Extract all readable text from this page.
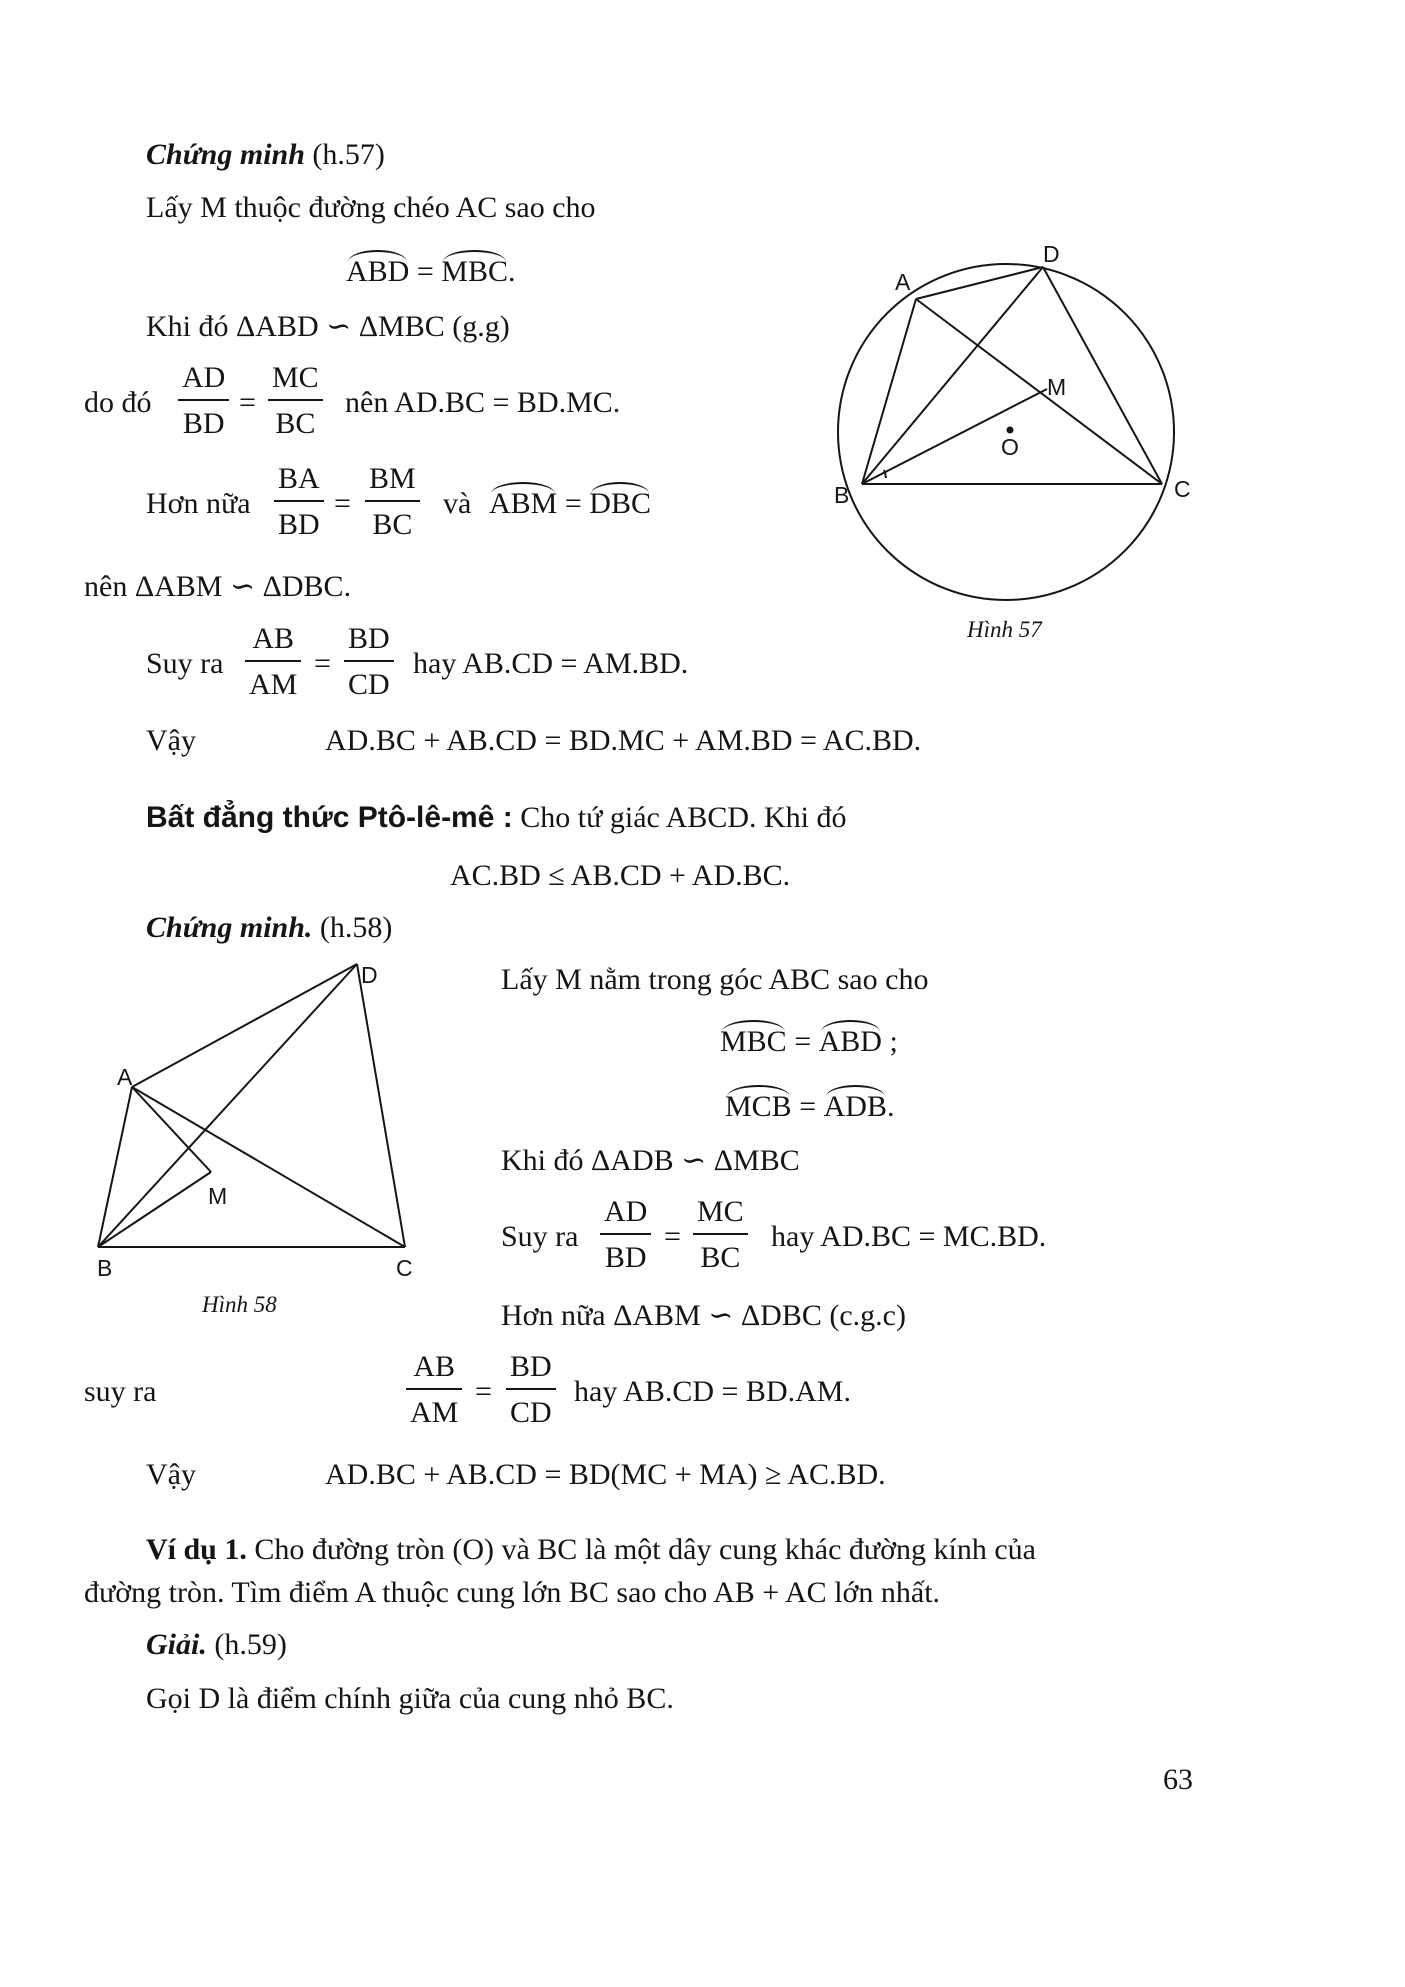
Chứng minh (h.57)
Lấy M thuộc đường chéo AC sao cho
ABD = MBC.
Khi đó ΔABD ∽ ΔMBC (g.g)
do đó
AD
BD
=
MC
BC
nên AD.BC = BD.MC.
Hơn nữa
BA
BD
=
BM
BC
và ABM = DBC
nên ΔABM ∽ ΔDBC.
Suy ra
AB
AM
=
BD
CD
hay AB.CD = AM.BD.
Vậy	AD.BC + AB.CD = BD.MC + AM.BD = AC.BD.
A
D
M
O
B	C
Hình 57
Bất đẳng thức Ptô-lê-mê : Cho tứ giác ABCD. Khi đó
AC.BD ≤ AB.CD + AD.BC.
Chứng minh. (h.58)
Lấy M nằm trong góc ABC sao cho
MBC = ABD ;
MCB = ADB.
Khi đó ΔADB ∽ ΔMBC
Suy ra
AD
BD
=
MC
BC
hay AD.BC = MC.BD.
Hơn nữa ΔABM ∽ ΔDBC (c.g.c)
suy ra
AB
AM
=
BD
CD
hay AB.CD = BD.AM.
Vậy	AD.BC + AB.CD = BD(MC + MA) ≥ AC.BD.
A
D
M
B	C
Hình 58
Ví dụ 1. Cho đường tròn (O) và BC là một dây cung khác đường kính của
đường tròn. Tìm điểm A thuộc cung lớn BC sao cho AB + AC lớn nhất.
Giải. (h.59)
Gọi D là điểm chính giữa của cung nhỏ BC.
63
